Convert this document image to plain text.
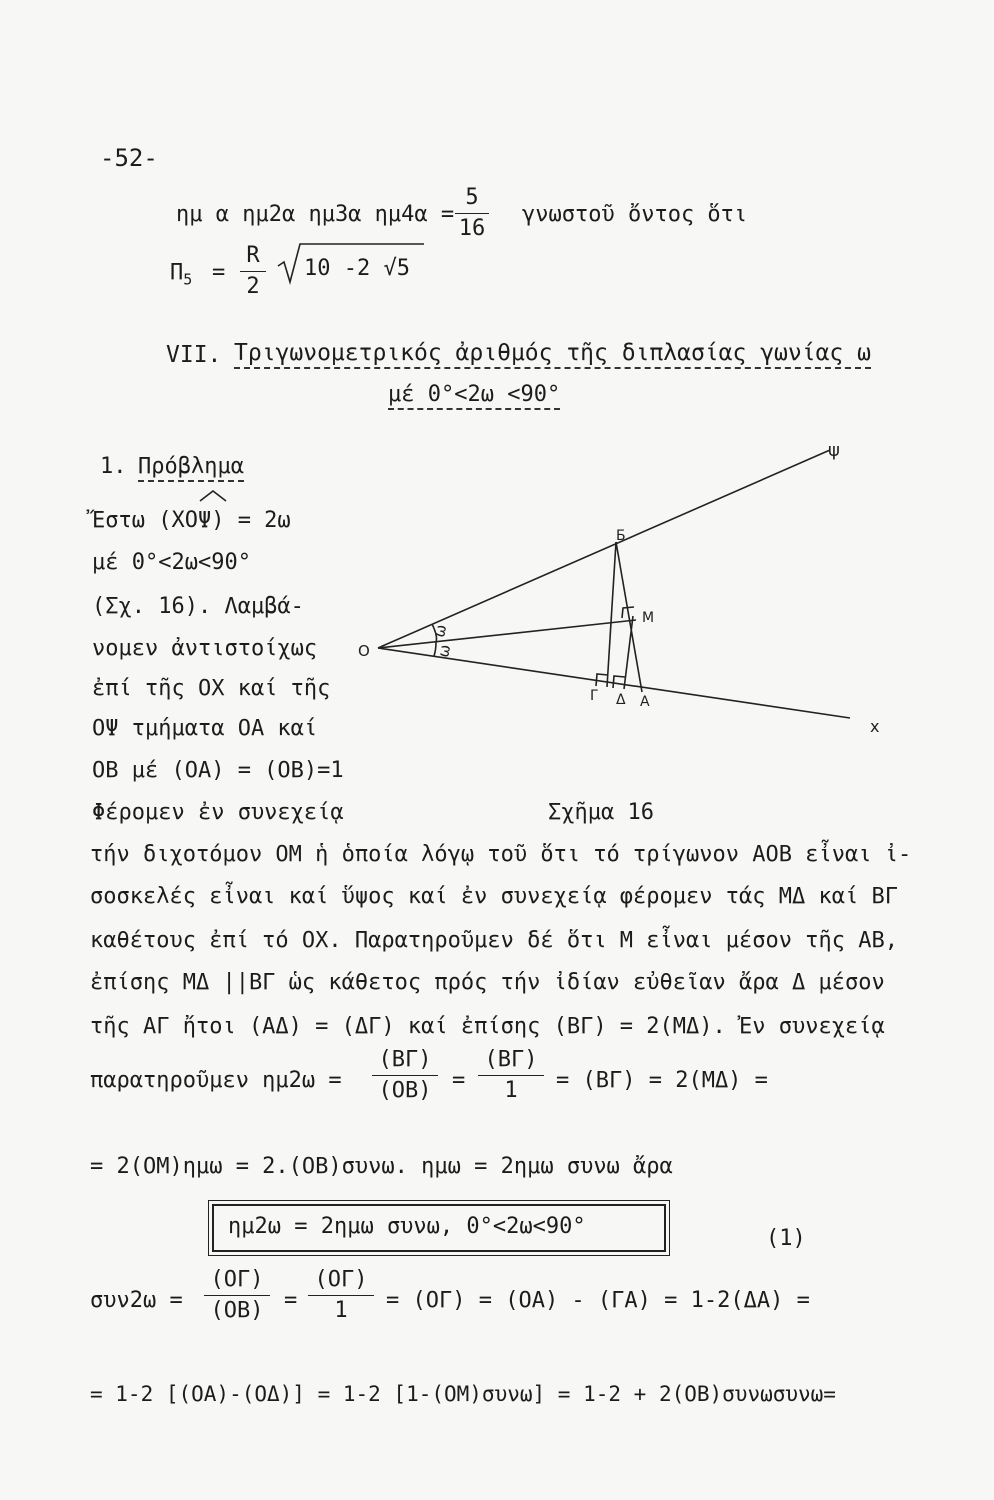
-52-
ημ α ημ2α ημ3α ημ4α =
5
16
γνωστοῦ ὄντος ὅτι
$\Pi_5$ =
R
2
10 -2 √5
VII. Τριγωνομετρικός ἀριθμός τῆς διπλασίας γωνίας ω
μέ 0°<2ω <90°
1. Πρόβλημα
Ἔστω (XOΨ) = 2ω
μέ 0°<2ω<90°
(Σχ. 16). Λαμβά-
νομεν ἀντιστοίχως
ἐπί τῆς ΟΧ καί τῆς
ΟΨ τμήματα ΟΑ καί
ΟΒ μέ (ΟΑ) = (ΟΒ)=1
Φέρομεν ἐν συνεχείᾳ
ψ
x
O
Б
M
Γ Δ A
ω
ω
Σχῆμα 16
τήν διχοτόμον ΟΜ ἡ ὁποία λόγῳ τοῦ ὅτι τό τρίγωνον ΑΟΒ εἶναι ἰ-
σοσκελές εἶναι καί ὕψος καί ἐν συνεχείᾳ φέρομεν τάς ΜΔ καί ΒΓ
καθέτους ἐπί τό ΟΧ. Παρατηροῦμεν δέ ὅτι Μ εἶναι μέσον τῆς ΑΒ,
ἐπίσης ΜΔ ||ΒΓ ὡς κάθετος πρός τήν ἰδίαν εὐθεῖαν ἄρα Δ μέσον
τῆς ΑΓ ἤτοι (ΑΔ) = (ΔΓ) καί ἐπίσης (ΒΓ) = 2(ΜΔ). Ἐν συνεχείᾳ
παρατηροῦμεν ημ2ω =
(ΒΓ)
(ΟΒ) =
(ΒΓ)
1	= (ΒΓ) = 2(ΜΔ) =
= 2(ΟΜ)ημω = 2.(ΟΒ)συνω. ημω = 2ημω συνω ἄρα
ημ2ω = 2ημω συνω, 0°<2ω<90°	(1)
συν2ω =
(ΟΓ)
(ΟΒ) =
(ΟΓ)
1	= (ΟΓ) = (ΟΑ) - (ΓΑ) = 1-2(ΔΑ) =
= 1-2 [(ΟΑ)-(ΟΔ)] = 1-2 [1-(ΟΜ)συνω] = 1-2 + 2(ΟΒ)συνωσυνω=
